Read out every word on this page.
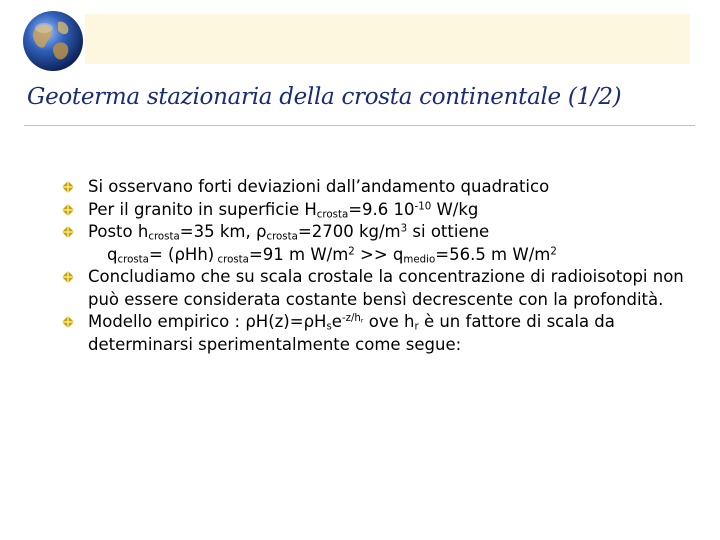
Geoterma stazionaria della crosta continentale (1/2)
Si osservano forti deviazioni dall’andamento quadratico
Per il granito in superficie $H_{crosta}=9.6$ $10^{-10}$ W/kg
Posto $h_{crosta}=35$ km, $\rho_{crosta}=2700$ $kg/m^3$ si ottiene
$q_{crosta}= (\rho Hh)$ $_{crosta}$=91 m $W/m^2 >> q_{medio}=56.5$ m $W/m^2$
Concludiamo che su scala crostale la concentrazione di radioisotopi non può essere considerata costante bensì decrescente con la profondità.
Modello empirico : $\rho H(z)=\rho H_se^{-z/h_r}$ ove $h_r$ è un fattore di scala da determinarsi sperimentalmente come segue:
